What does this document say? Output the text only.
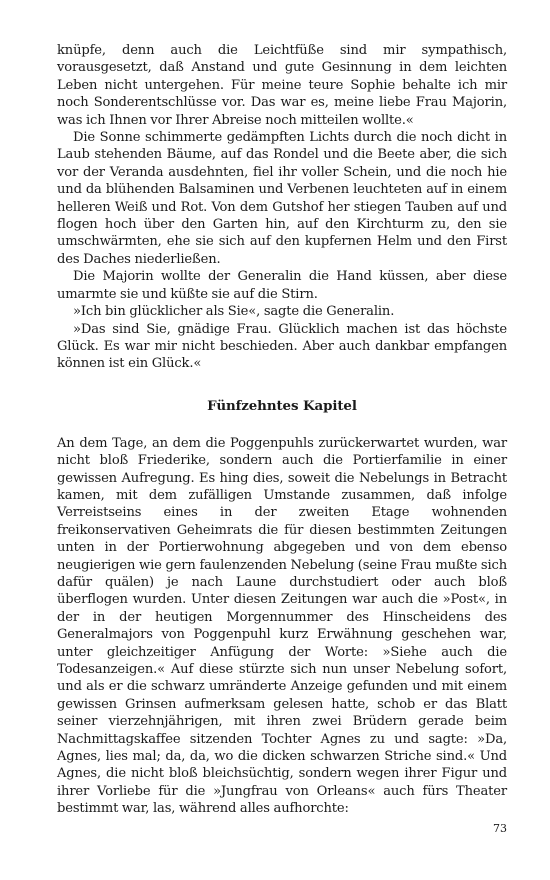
knüpfe, denn auch die Leichtfüße sind mir sympathisch, vorausgesetzt, daß Anstand und gute Gesinnung in dem leichten Leben nicht untergehen. Für meine teure Sophie behalte ich mir noch Sonderentschlüsse vor. Das war es, meine liebe Frau Majorin, was ich Ihnen vor Ihrer Abreise noch mitteilen wollte.«

Die Sonne schimmerte gedämpften Lichts durch die noch dicht in Laub stehenden Bäume, auf das Rondel und die Beete aber, die sich vor der Veranda ausdehnten, fiel ihr voller Schein, und die noch hie und da blühenden Balsaminen und Verbenen leuchteten auf in einem helleren Weiß und Rot. Von dem Gutshof her stiegen Tauben auf und flogen hoch über den Garten hin, auf den Kirchturm zu, den sie umschwärmten, ehe sie sich auf den kupfernen Helm und den First des Daches niederließen.

Die Majorin wollte der Generalin die Hand küssen, aber diese umarmte sie und küßte sie auf die Stirn.

»Ich bin glücklicher als Sie«, sagte die Generalin.

»Das sind Sie, gnädige Frau. Glücklich machen ist das höchste Glück. Es war mir nicht beschieden. Aber auch dankbar empfangen können ist ein Glück.«

Fünfzehntes Kapitel

An dem Tage, an dem die Poggenpuhls zurückerwartet wurden, war nicht bloß Friederike, sondern auch die Portierfamilie in einer gewissen Aufregung. Es hing dies, soweit die Nebelungs in Betracht kamen, mit dem zufälligen Umstande zusammen, daß infolge Verreistseins eines in der zweiten Etage wohnenden freikonservativen Geheimrats die für diesen bestimmten Zeitungen unten in der Portierwohnung abgegeben und von dem ebenso neugierigen wie gern faulenzenden Nebelung (seine Frau mußte sich dafür quälen) je nach Laune durchstudiert oder auch bloß überflogen wurden. Unter diesen Zeitungen war auch die »Post«, in der in der heutigen Morgennummer des Hinscheidens des Generalmajors von Poggenpuhl kurz Erwähnung geschehen war, unter gleichzeitiger Anfügung der Worte: »Siehe auch die Todesanzeigen.« Auf diese stürzte sich nun unser Nebelung sofort, und als er die schwarz umränderte Anzeige gefunden und mit einem gewissen Grinsen aufmerksam gelesen hatte, schob er das Blatt seiner vierzehnjährigen, mit ihren zwei Brüdern gerade beim Nachmittagskaffee sitzenden Tochter Agnes zu und sagte: »Da, Agnes, lies mal; da, da, wo die dicken schwarzen Striche sind.« Und Agnes, die nicht bloß bleichsüchtig, sondern wegen ihrer Figur und ihrer Vorliebe für die »Jungfrau von Orleans« auch fürs Theater bestimmt war, las, während alles aufhorchte:

73
